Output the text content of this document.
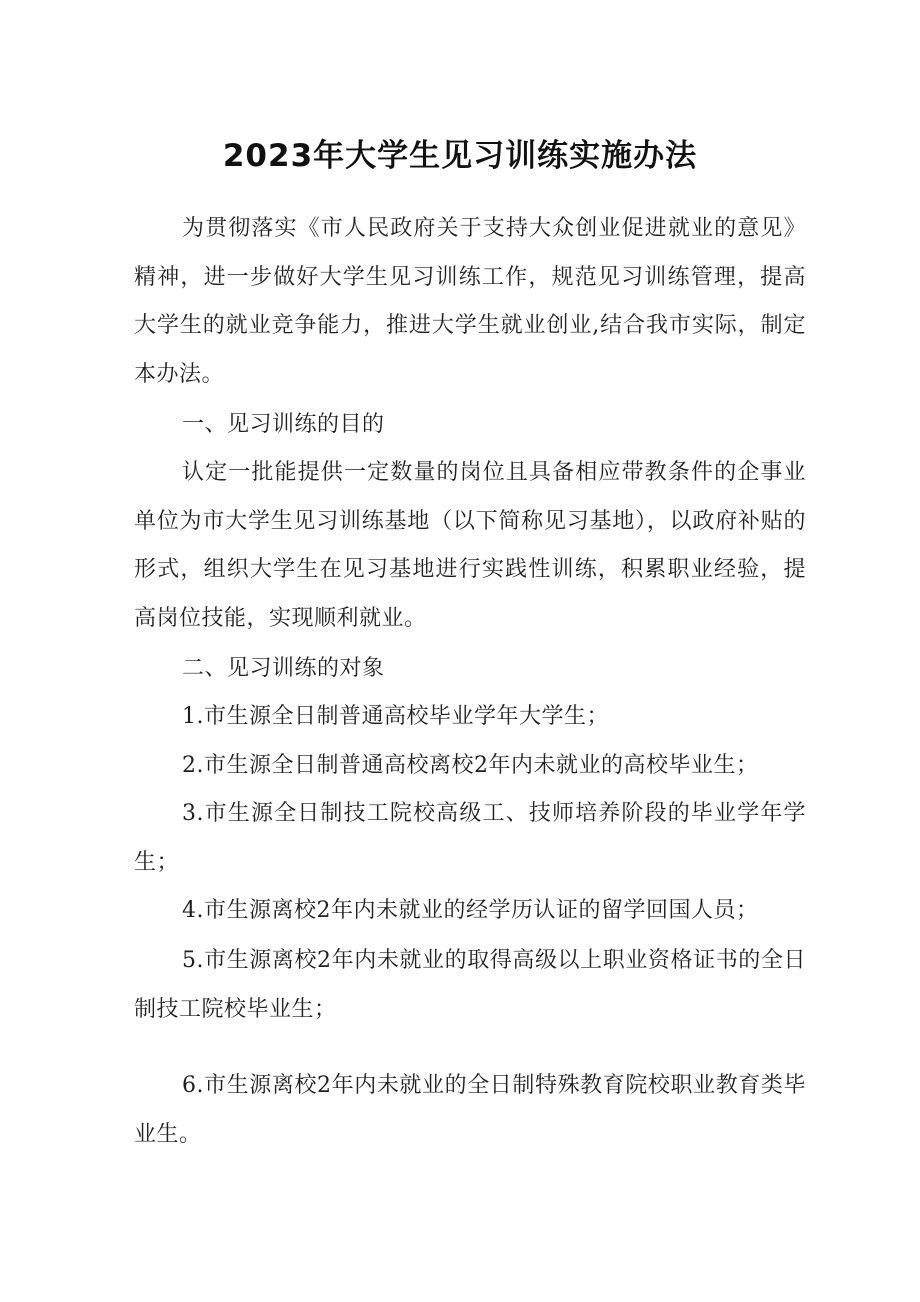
2023年大学生见习训练实施办法

为贯彻落实《市人民政府关于支持大众创业促进就业的意见》精神，进一步做好大学生见习训练工作，规范见习训练管理，提高大学生的就业竞争能力，推进大学生就业创业,结合我市实际，制定本办法。

一、见习训练的目的

认定一批能提供一定数量的岗位且具备相应带教条件的企事业单位为市大学生见习训练基地（以下简称见习基地），以政府补贴的形式，组织大学生在见习基地进行实践性训练，积累职业经验，提高岗位技能，实现顺利就业。

二、见习训练的对象

1.市生源全日制普通高校毕业学年大学生；

2.市生源全日制普通高校离校2年内未就业的高校毕业生；

3.市生源全日制技工院校高级工、技师培养阶段的毕业学年学生；

4.市生源离校2年内未就业的经学历认证的留学回国人员；

5.市生源离校2年内未就业的取得高级以上职业资格证书的全日制技工院校毕业生；

6.市生源离校2年内未就业的全日制特殊教育院校职业教育类毕业生。
